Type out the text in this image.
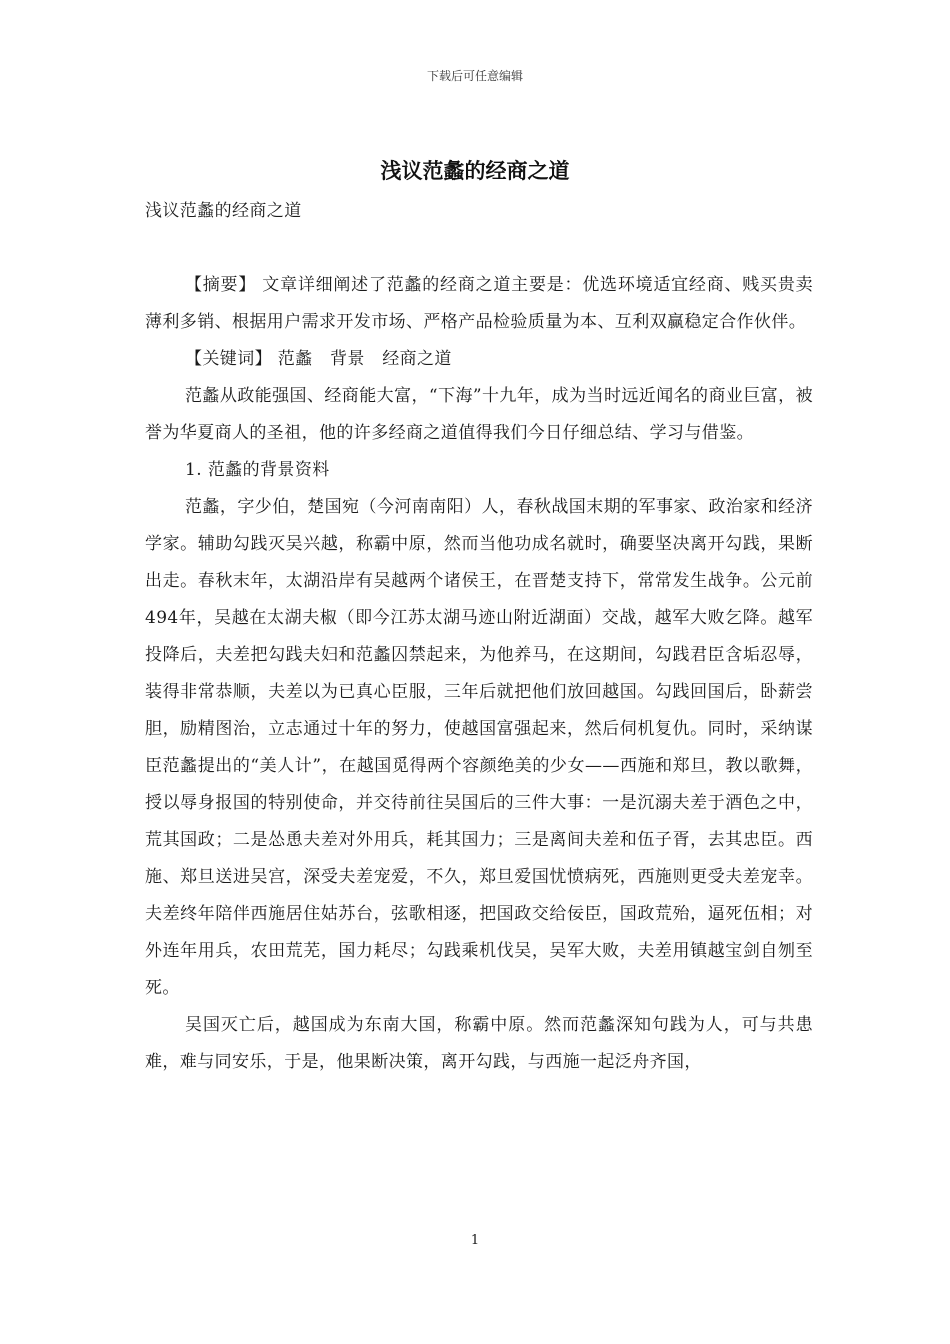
下载后可任意编辑
浅议范蠡的经商之道

浅议范蠡的经商之道

【摘要】 文章详细阐述了范蠡的经商之道主要是：优选环境适宜经商、贱买贵卖薄利多销、根据用户需求开发市场、严格产品检验质量为本、互利双赢稳定合作伙伴。

【关键词】 范蠡　背景　经商之道

范蠡从政能强国、经商能大富，“下海”十九年，成为当时远近闻名的商业巨富，被誉为华夏商人的圣祖，他的许多经商之道值得我们今日仔细总结、学习与借鉴。

1. 范蠡的背景资料

范蠡，字少伯，楚国宛（今河南南阳）人，春秋战国末期的军事家、政治家和经济学家。辅助勾践灭吴兴越，称霸中原，然而当他功成名就时，确要坚决离开勾践，果断出走。春秋末年，太湖沿岸有吴越两个诸侯王，在晋楚支持下，常常发生战争。公元前494年，吴越在太湖夫椒（即今江苏太湖马迹山附近湖面）交战，越军大败乞降。越军投降后，夫差把勾践夫妇和范蠡囚禁起来，为他养马，在这期间，勾践君臣含垢忍辱，装得非常恭顺，夫差以为已真心臣服，三年后就把他们放回越国。勾践回国后，卧薪尝胆，励精图治，立志通过十年的努力，使越国富强起来，然后伺机复仇。同时，采纳谋臣范蠡提出的“美人计”，在越国觅得两个容颜绝美的少女——西施和郑旦，教以歌舞，授以辱身报国的特别使命，并交待前往吴国后的三件大事：一是沉溺夫差于酒色之中，荒其国政；二是怂恿夫差对外用兵，耗其国力；三是离间夫差和伍子胥，去其忠臣。西施、郑旦送进吴宫，深受夫差宠爱，不久，郑旦爱国忧愤病死，西施则更受夫差宠幸。夫差终年陪伴西施居住姑苏台，弦歌相逐，把国政交给佞臣，国政荒殆，逼死伍相；对外连年用兵，农田荒芜，国力耗尽；勾践乘机伐吴，吴军大败，夫差用镇越宝剑自刎至死。

吴国灭亡后，越国成为东南大国，称霸中原。然而范蠡深知句践为人，可与共患难，难与同安乐，于是，他果断决策，离开勾践，与西施一起泛舟齐国，

1
